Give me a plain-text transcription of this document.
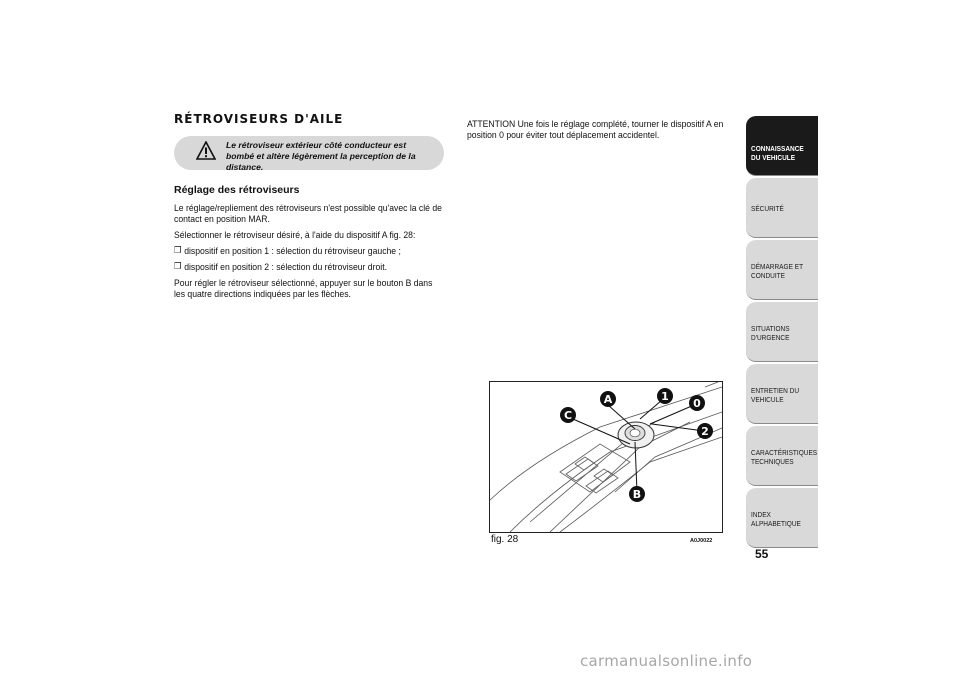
RÉTROVISEURS D'AILE
Le rétroviseur extérieur côté conducteur est bombé et altère légèrement la perception de la distance.
Réglage des rétroviseurs

Le réglage/repliement des rétroviseurs n'est possible qu'avec la clé de contact en position MAR.

Sélectionner le rétroviseur désiré, à l'aide du dispositif A fig. 28:

❒ dispositif en position 1 : sélection du rétroviseur gauche ;

❒ dispositif en position 2 : sélection du rétroviseur droit.

Pour régler le rétroviseur sélectionné, appuyer sur le bouton B dans les quatre directions indiquées par les flèches.

ATTENTION Une fois le réglage complété, tourner le dispositif A en position 0 pour éviter tout déplacement accidentel.

A	1
0
2
C
B
fig. 28	A0J0022
CONNAISSANCE
DU VEHICULE
SÉCURITÉ
DÉMARRAGE ET
CONDUITE
SITUATIONS
D'URGENCE
ENTRETIEN DU
VEHICULE
CARACTÉRISTIQUES
TECHNIQUES
INDEX
ALPHABETIQUE
55
carmanualsonline.info
